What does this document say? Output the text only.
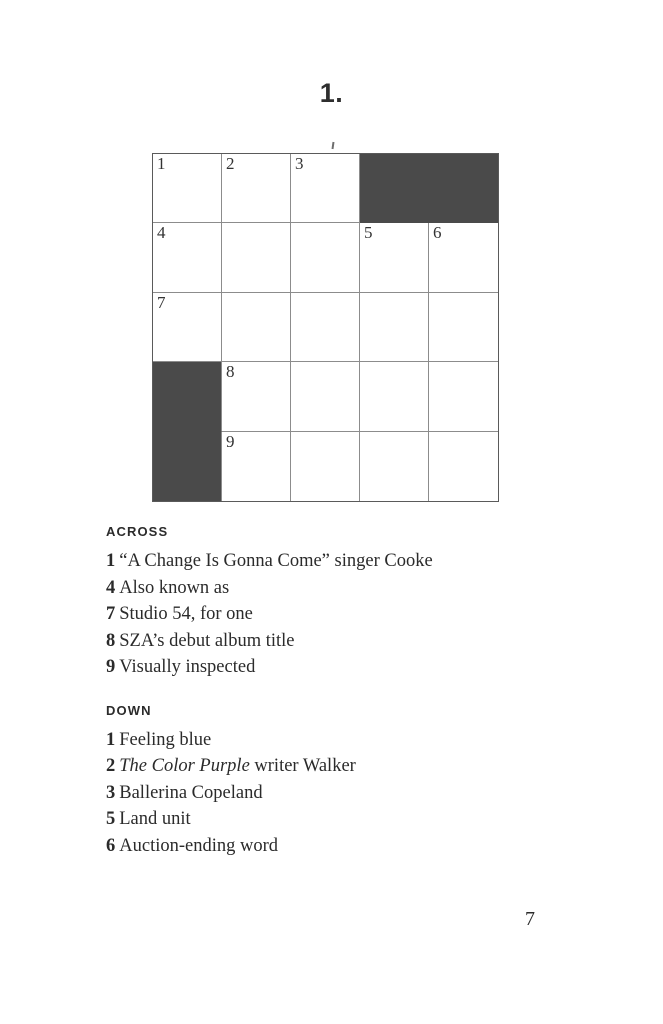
1.
1	2	3
4	5	6
7
8
9
ACROSS
1 “A Change Is Gonna Come” singer Cooke
4 Also known as
7 Studio 54, for one
8 SZA’s debut album title
9 Visually inspected
DOWN
1 Feeling blue
2 The Color Purple writer Walker
3 Ballerina Copeland
5 Land unit
6 Auction-ending word
7
